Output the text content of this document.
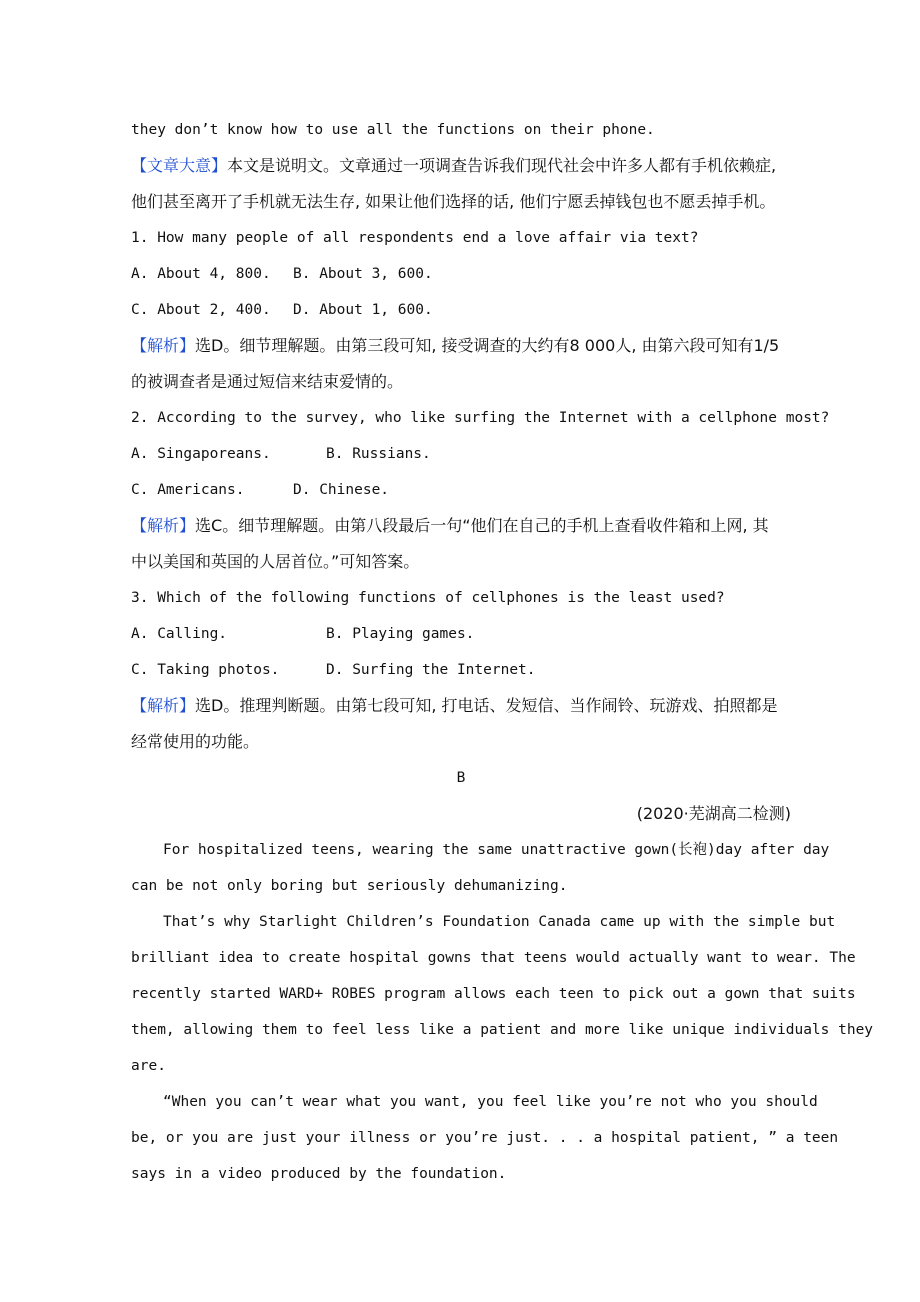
they don’t know how to use all the functions on their phone.
【文章大意】本文是说明文。文章通过一项调查告诉我们现代社会中许多人都有手机依赖症,
他们甚至离开了手机就无法生存, 如果让他们选择的话, 他们宁愿丢掉钱包也不愿丢掉手机。
1. How many people of all respondents end a love affair via text?
A. About 4, 800. B. About 3, 600.
C. About 2, 400. D. About 1, 600.
【解析】选D。细节理解题。由第三段可知, 接受调查的大约有8 000人, 由第六段可知有1/5
的被调查者是通过短信来结束爱情的。
2. According to the survey, who like surfing the Internet with a cellphone most?
A. Singaporeans.	B. Russians.
C. Americans.	D. Chinese.
【解析】选C。细节理解题。由第八段最后一句“他们在自己的手机上查看收件箱和上网, 其
中以美国和英国的人居首位。”可知答案。
3. Which of the following functions of cellphones is the least used?
A. Calling.	B. Playing games.
C. Taking photos.	D. Surfing the Internet.
【解析】选D。推理判断题。由第七段可知, 打电话、发短信、当作闹铃、玩游戏、拍照都是
经常使用的功能。
B
(2020·芜湖高二检测)
For hospitalized teens, wearing the same unattractive gown(长袍)day after day
can be not only boring but seriously dehumanizing.
That’s why Starlight Children’s Foundation Canada came up with the simple but
brilliant idea to create hospital gowns that teens would actually want to wear. The
recently started WARD+ ROBES program allows each teen to pick out a gown that suits
them, allowing them to feel less like a patient and more like unique individuals they
are.
“When you can’t wear what you want, you feel like you’re not who you should
be, or you are just your illness or you’re just. . . a hospital patient, ” a teen
says in a video produced by the foundation.
